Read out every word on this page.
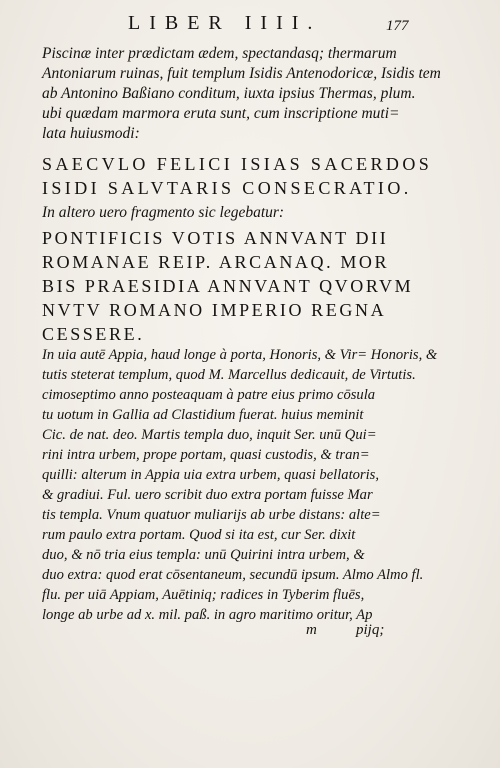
LIBER IIII.	177
Piscinæ inter prædictam ædem, spectandasq; thermarum
Antoniarum ruinas, fuit templum Isidis Antenodoricæ, Isidis tem
ab Antonino Baßiano conditum, iuxta ipsius Thermas, plum.
ubi quædam marmora eruta sunt, cum inscriptione muti=
lata huiusmodi:
SAECVLO FELICI ISIAS SACERDOS
ISIDI SALVTARIS CONSECRATIO.
In altero uero fragmento sic legebatur:
PONTIFICIS VOTIS ANNVANT DII
ROMANAE REIP. ARCANAQ. MOR
BIS PRAESIDIA ANNVANT QVORVM
NVTV ROMANO IMPERIO REGNA
CESSERE.
In uia autē Appia, haud longe à porta, Honoris, & Vir= Honoris, &
tutis steterat templum, quod M. Marcellus dedicauit, de Virtutis.
cimoseptimo anno posteaquam à patre eius primo cōsula
tu uotum in Gallia ad Clastidium fuerat. huius meminit
Cic. de nat. deo. Martis templa duo, inquit Ser. unū Qui=
rini intra urbem, prope portam, quasi custodis, & tran=
quilli: alterum in Appia uia extra urbem, quasi bellatoris,
& gradiui. Ful. uero scribit duo extra portam fuisse Mar
tis templa. Vnum quatuor muliarijs ab urbe distans: alte=
rum paulo extra portam. Quod si ita est, cur Ser. dixit
duo, & nō tria eius templa: unū Quirini intra urbem, &
duo extra: quod erat cōsentaneum, secundū ipsum. Almo Almo fl.
flu. per uiā Appiam, Auētiniq; radices in Tyberim fluēs,
longe ab urbe ad x. mil. paß. in agro maritimo oritur, Ap
m	pijq;
